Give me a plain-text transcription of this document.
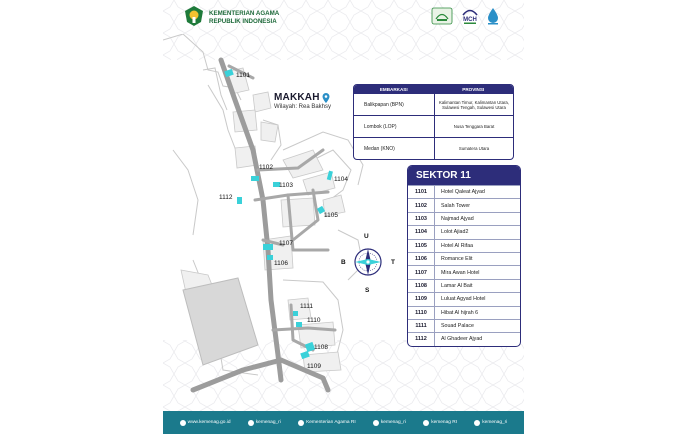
KEMENTERIAN AGAMA
REPUBLIK INDONESIA	MCH
1101
1102
1103
1104
1105
1106
1107
1108
1109
1110
1111
1112
U
S
T
B
MAKKAH
Wilayah: Rea Bakhsy
EMBARKASI	PROVINSI
Balikpapan (BPN)	Kalimantan Timur, Kalimantan Utara, Sulawesi Tengah, Sulawesi Utara
Lombok (LOP)	Nusa Tenggara Barat
Medan (KNO)	Sumatera Utara
SEKTOR 11
1101	Hotel Qaleat Ajyad
1102	Salah Tower
1103	Najmad Ajyad
1104	Lolot Ajiad2
1105	Hotel Al Rifaa
1106	Romance Elit
1107	Mira Awan Hotel
1108	Lamar Al Bait
1109	Luluat Agyad Hotel
1110	Hibat Al hijrah 6
1111	Souad Palace
1112	Al Ghadeer Ajyad
www.kemenag.go.id	kemenag_ri	Kementerian Agama RI	kemenag_ri	kemenag RI	kemenag_ri
